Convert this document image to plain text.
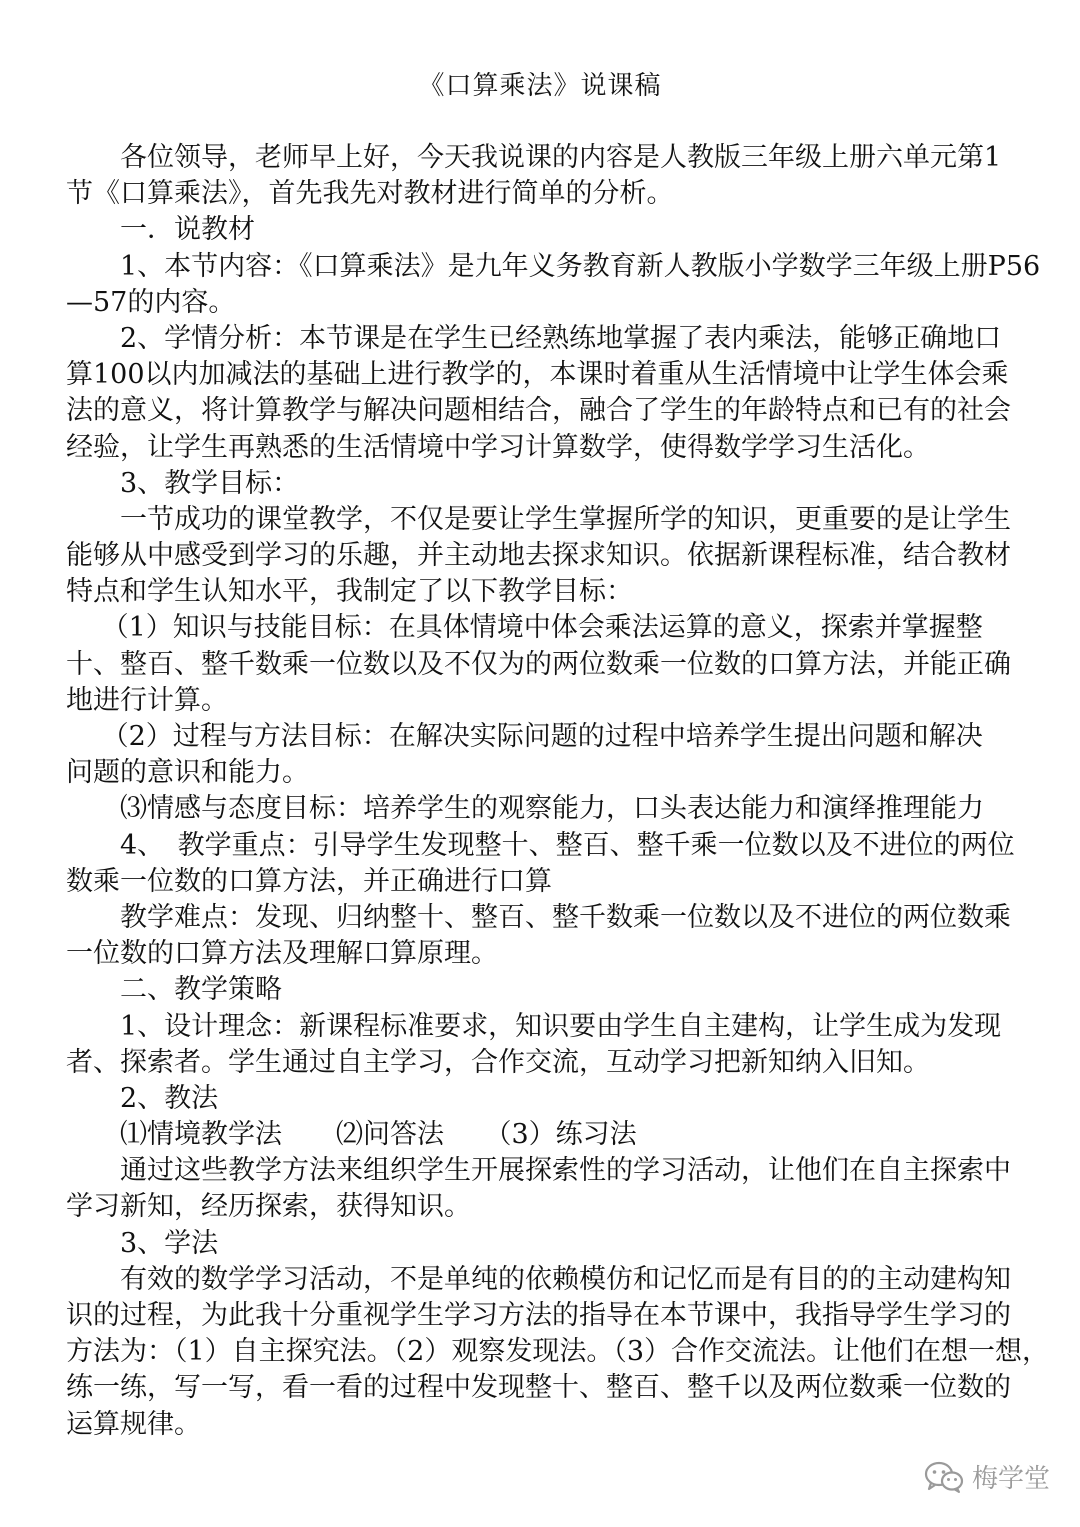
《口算乘法》说课稿
　　各位领导，老师早上好，今天我说课的内容是人教版三年级上册六单元第1
节《口算乘法》，首先我先对教材进行简单的分析。
　　一．说教材
　　1、本节内容：《口算乘法》是九年义务教育新人教版小学数学三年级上册P56
—57的内容。
　　2、学情分析：本节课是在学生已经熟练地掌握了表内乘法，能够正确地口
算100以内加减法的基础上进行教学的，本课时着重从生活情境中让学生体会乘
法的意义，将计算教学与解决问题相结合，融合了学生的年龄特点和已有的社会
经验，让学生再熟悉的生活情境中学习计算数学，使得数学学习生活化。
　　3、教学目标：
　　一节成功的课堂教学，不仅是要让学生掌握所学的知识，更重要的是让学生
能够从中感受到学习的乐趣，并主动地去探求知识。依据新课程标准，结合教材
特点和学生认知水平，我制定了以下教学目标：
　 （1）知识与技能目标：在具体情境中体会乘法运算的意义，探索并掌握整
十、整百、整千数乘一位数以及不仅为的两位数乘一位数的口算方法，并能正确
地进行计算。
　 （2）过程与方法目标：在解决实际问题的过程中培养学生提出问题和解决
问题的意识和能力。
　　⑶情感与态度目标：培养学生的观察能力，口头表达能力和演绎推理能力
　　4、　教学重点：引导学生发现整十、整百、整千乘一位数以及不进位的两位
数乘一位数的口算方法，并正确进行口算
　　教学难点：发现、归纳整十、整百、整千数乘一位数以及不进位的两位数乘
一位数的口算方法及理解口算原理。
　　二、教学策略
　　1、设计理念：新课程标准要求，知识要由学生自主建构，让学生成为发现
者、探索者。学生通过自主学习，合作交流，互动学习把新知纳入旧知。
　　2、教法
　　⑴情境教学法　　⑵问答法　　（3）练习法
　　通过这些教学方法来组织学生开展探索性的学习活动，让他们在自主探索中
学习新知，经历探索，获得知识。
　　3、学法
　　有效的数学学习活动，不是单纯的依赖模仿和记忆而是有目的的主动建构知
识的过程，为此我十分重视学生学习方法的指导在本节课中，我指导学生学习的
方法为：（1）自主探究法。（2）观察发现法。（3）合作交流法。让他们在想一想，
练一练，写一写，看一看的过程中发现整十、整百、整千以及两位数乘一位数的
运算规律。
梅学堂
